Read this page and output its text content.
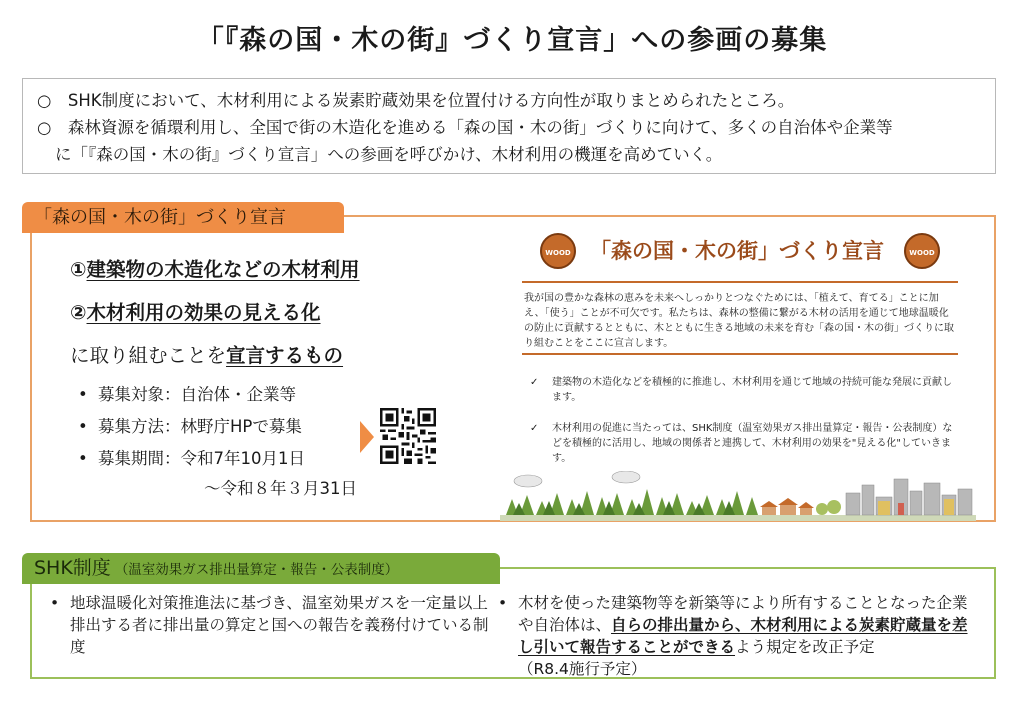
「『森の国・木の街』づくり宣言」への参画の募集
○　SHK制度において、木材利用による炭素貯蔵効果を位置付ける方向性が取りまとめられたところ。
○　森林資源を循環利用し、全国で街の木造化を進める「森の国・木の街」づくりに向けて、多くの自治体や企業等
に「『森の国・木の街』づくり宣言」への参画を呼びかけ、木材利用の機運を高めていく。
「森の国・木の街」づくり宣言
①建築物の木造化などの木材利用
②木材利用の効果の見える化
に取り組むことを宣言するもの
• 募集対象：自治体・企業等
• 募集方法：林野庁HPで募集
• 募集期間：令和7年10月1日
～令和８年３月31日
WOOD CHANGE
「森の国・木の街」づくり宣言	WOOD CHANGE
我が国の豊かな森林の恵みを未来へしっかりとつなぐためには、「植えて、育てる」ことに加え、「使う」ことが不可欠です。私たちは、森林の整備に繋がる木材の活用を通じて地球温暖化の防止に貢献するとともに、木とともに生きる地域の未来を育む「森の国・木の街」づくりに取り組むことをここに宣言します。
✓ 建築物の木造化などを積極的に推進し、木材利用を通じて地域の持続可能な発展に貢献します。
✓ 木材利用の促進に当たっては、SHK制度（温室効果ガス排出量算定・報告・公表制度）などを積極的に活用し、地域の関係者と連携して、木材利用の効果を"見える化"していきます。
SHK制度 （温室効果ガス排出量算定・報告・公表制度）
• 地球温暖化対策推進法に基づき、温室効果ガスを一定量以上排出する者に排出量の算定と国への報告を義務付けている制度
• 木材を使った建築物等を新築等により所有することとなった企業や自治体は、自らの排出量から、木材利用による炭素貯蔵量を差し引いて報告することができるよう規定を改正予定
（R8.4施行予定）
